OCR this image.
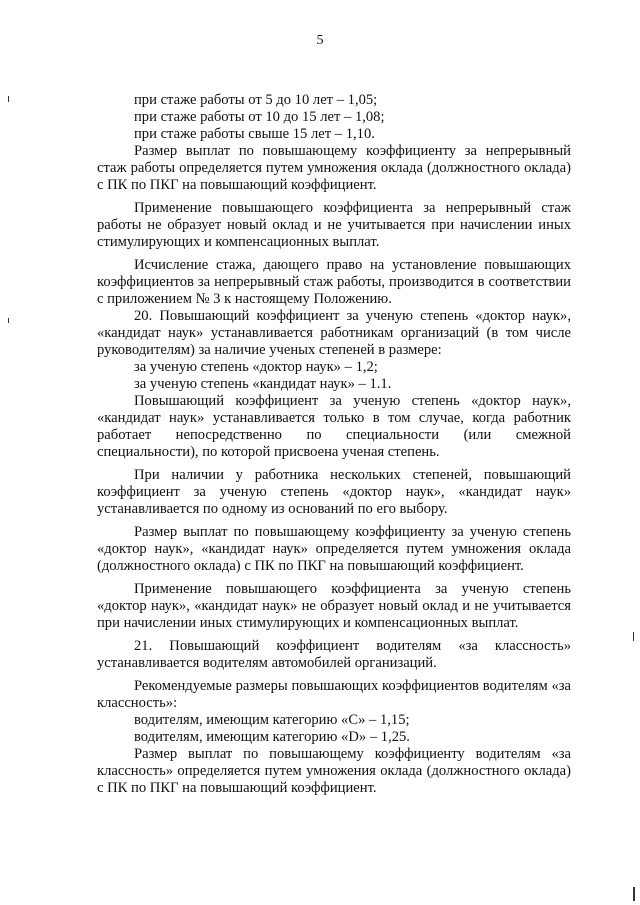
5

при стаже работы от 5 до 10 лет – 1,05;

при стаже работы от 10 до 15 лет – 1,08;

при стаже работы свыше 15 лет – 1,10.

Размер выплат по повышающему коэффициенту за непрерывный стаж работы определяется путем умножения оклада (должностного оклада) с ПК по ПКГ на повышающий коэффициент.

Применение повышающего коэффициента за непрерывный стаж работы не образует новый оклад и не учитывается при начислении иных стимулирующих и компенсационных выплат.

Исчисление стажа, дающего право на установление повышающих коэффициентов за непрерывный стаж работы, производится в соответствии с приложением № 3 к настоящему Положению.

20. Повышающий коэффициент за ученую степень «доктор наук», «кандидат наук» устанавливается работникам организаций (в том числе руководителям) за наличие ученых степеней в размере:

за ученую степень «доктор наук» – 1,2;

за ученую степень «кандидат наук» – 1.1.

Повышающий коэффициент за ученую степень «доктор наук», «кандидат наук» устанавливается только в том случае, когда работник работает непосредственно по специальности (или смежной специальности), по которой присвоена ученая степень.

При наличии у работника нескольких степеней, повышающий коэффициент за ученую степень «доктор наук», «кандидат наук» устанавливается по одному из оснований по его выбору.

Размер выплат по повышающему коэффициенту за ученую степень «доктор наук», «кандидат наук» определяется путем умножения оклада (должностного оклада) с ПК по ПКГ на повышающий коэффициент.

Применение повышающего коэффициента за ученую степень «доктор наук», «кандидат наук» не образует новый оклад и не учитывается при начислении иных стимулирующих и компенсационных выплат.

21. Повышающий коэффициент водителям «за классность» устанавливается водителям автомобилей организаций.

Рекомендуемые размеры повышающих коэффициентов водителям «за классность»:

водителям, имеющим категорию «C» – 1,15;

водителям, имеющим категорию «D» – 1,25.

Размер выплат по повышающему коэффициенту водителям «за классность» определяется путем умножения оклада (должностного оклада) с ПК по ПКГ на повышающий коэффициент.
